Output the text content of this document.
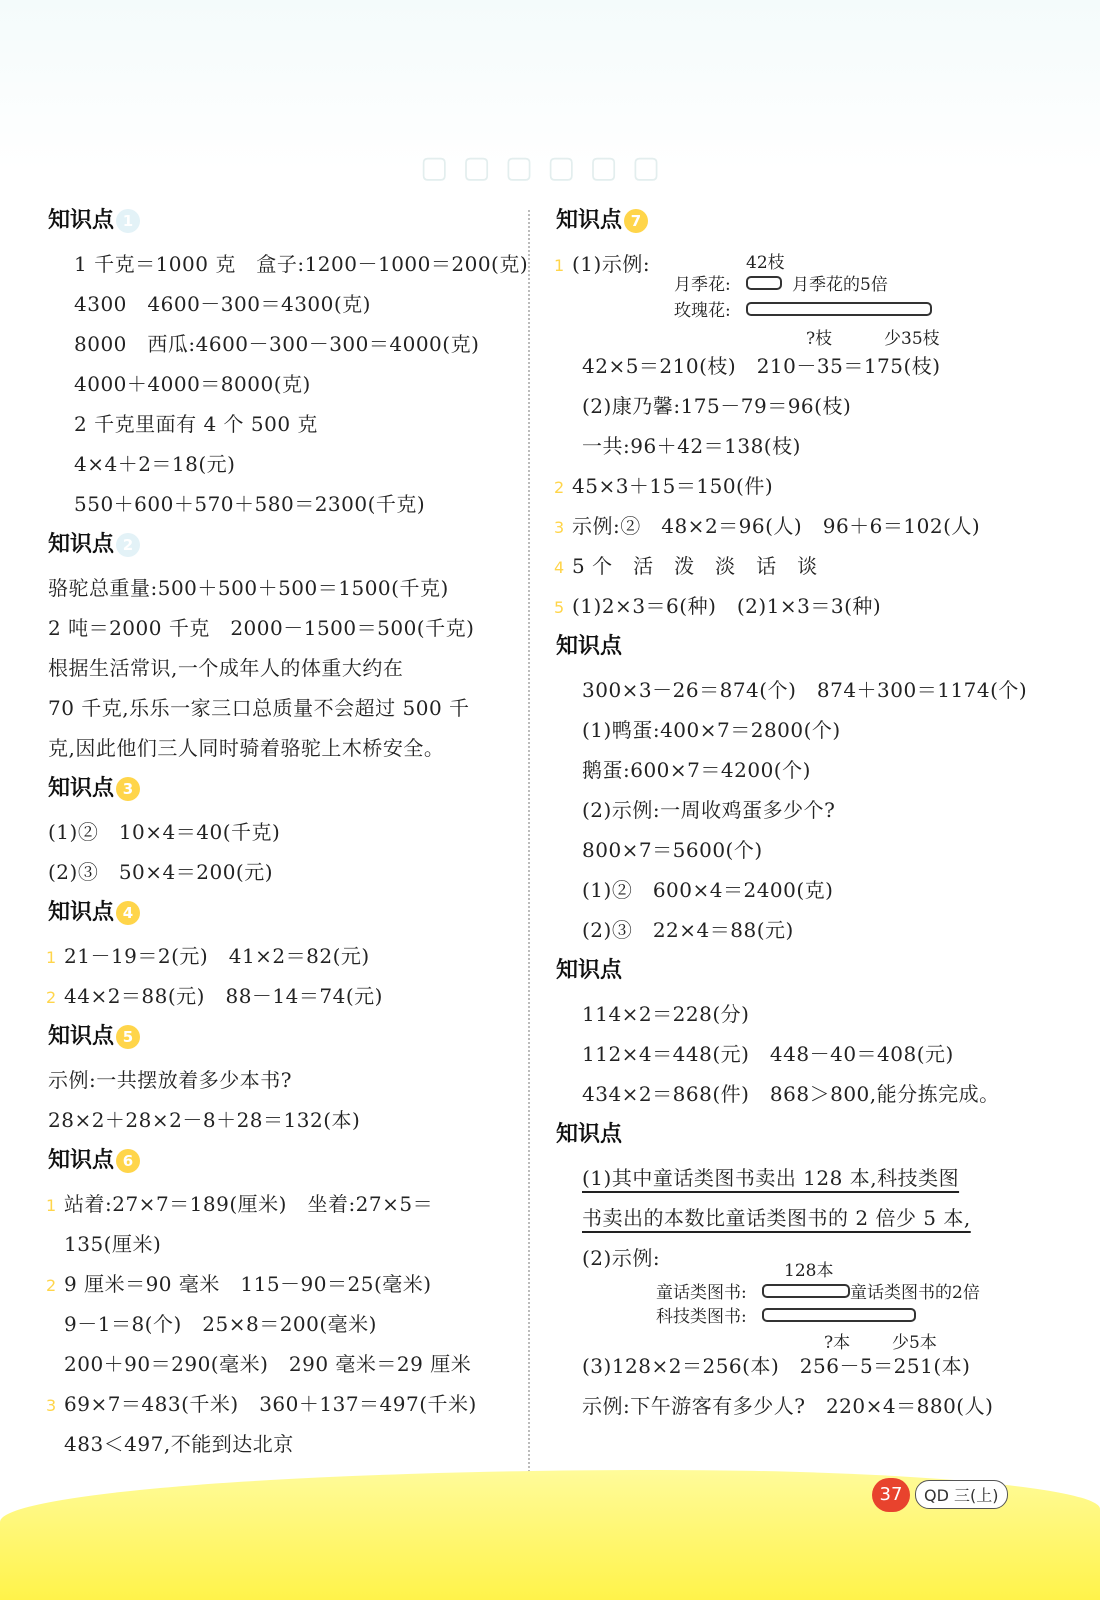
▢▢▢▢▢▢
知识点 1
1 千克＝1000 克　盒子:1200－1000＝200(克)
4300　4600－300＝4300(克)
8000　西瓜:4600－300－300＝4000(克)
4000＋4000＝8000(克)
2 千克里面有 4 个 500 克
4×4＋2＝18(元)
550＋600＋570＋580＝2300(千克)
知识点 2
骆驼总重量:500＋500＋500＝1500(千克)
2 吨＝2000 千克　2000－1500＝500(千克)
根据生活常识,一个成年人的体重大约在
70 千克,乐乐一家三口总质量不会超过 500 千
克,因此他们三人同时骑着骆驼上木桥安全。
知识点 3
(1)②　10×4＝40(千克)
(2)③　50×4＝200(元)
知识点 4
1 21－19＝2(元)　41×2＝82(元)
2 44×2＝88(元)　88－14＝74(元)
知识点 5
示例:一共摆放着多少本书?
28×2＋28×2－8＋28＝132(本)
知识点 6
1 站着:27×7＝189(厘米)　坐着:27×5＝
135(厘米)
2 9 厘米＝90 毫米　115－90＝25(毫米)
9－1＝8(个)　25×8＝200(毫米)
200＋90＝290(毫米)　290 毫米＝29 厘米
3 69×7＝483(千米)　360＋137＝497(千米)
483＜497,不能到达北京
知识点 7
1 (1)示例:	42枝
月季花:	月季花的5倍
玫瑰花:
?枝	少35枝
42×5＝210(枝)　210－35＝175(枝)
(2)康乃馨:175－79＝96(枝)
一共:96＋42＝138(枝)
2 45×3＋15＝150(件)
3 示例:②　48×2＝96(人)　96＋6＝102(人)
4 5 个　活　泼　淡　话　谈
5 (1)2×3＝6(种)　(2)1×3＝3(种)
知识点
300×3－26＝874(个)　874＋300＝1174(个)
(1)鸭蛋:400×7＝2800(个)
鹅蛋:600×7＝4200(个)
(2)示例:一周收鸡蛋多少个?
800×7＝5600(个)
(1)②　600×4＝2400(克)
(2)③　22×4＝88(元)
知识点
114×2＝228(分)
112×4＝448(元)　448－40＝408(元)
434×2＝868(件)　868＞800,能分拣完成。
知识点
(1)其中童话类图书卖出 128 本,科技类图
书卖出的本数比童话类图书的 2 倍少 5 本,
(2)示例:
128本
童话类图书:	童话类图书的2倍
科技类图书:
?本 少5本
(3)128×2＝256(本)　256－5＝251(本)
示例:下午游客有多少人?　220×4＝880(人)
37	QD 三(上)
